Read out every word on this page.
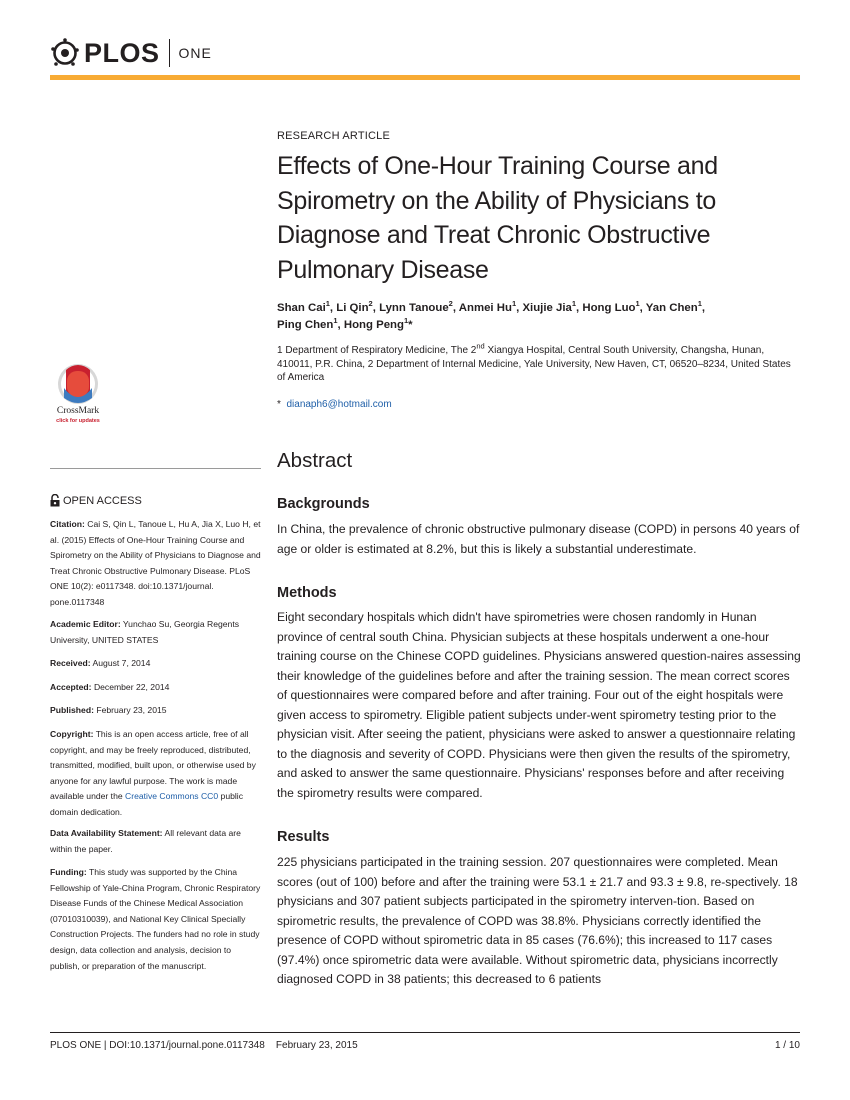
PLOS ONE
CrossMark
click for updates
OPEN ACCESS
Citation: Cai S, Qin L, Tanoue L, Hu A, Jia X, Luo H, et al. (2015) Effects of One-Hour Training Course and Spirometry on the Ability of Physicians to Diagnose and Treat Chronic Obstructive Pulmonary Disease. PLoS ONE 10(2): e0117348. doi:10.1371/journal. pone.0117348
Academic Editor: Yunchao Su, Georgia Regents University, UNITED STATES
Received: August 7, 2014
Accepted: December 22, 2014
Published: February 23, 2015
Copyright: This is an open access article, free of all copyright, and may be freely reproduced, distributed, transmitted, modified, built upon, or otherwise used by anyone for any lawful purpose. The work is made available under the Creative Commons CC0 public domain dedication.
Data Availability Statement: All relevant data are within the paper.
Funding: This study was supported by the China Fellowship of Yale-China Program, Chronic Respiratory Disease Funds of the Chinese Medical Association (07010310039), and National Key Clinical Specially Construction Projects. The funders had no role in study design, data collection and analysis, decision to publish, or preparation of the manuscript.
RESEARCH ARTICLE
Effects of One-Hour Training Course and Spirometry on the Ability of Physicians to Diagnose and Treat Chronic Obstructive Pulmonary Disease
Shan Cai$^1$, Li Qin$^2$, Lynn Tanoue$^2$, Anmei Hu$^1$, Xiujie Jia$^1$, Hong Luo$^1$, Yan Chen$^1$,
Ping Chen$^1$, Hong Peng$^1$*
1 Department of Respiratory Medicine, The 2nd Xiangya Hospital, Central South University, Changsha, Hunan, 410011, P.R. China, 2 Department of Internal Medicine, Yale University, New Haven, CT, 06520–8234, United States of America
* dianaph6@hotmail.com
Abstract
Backgrounds
In China, the prevalence of chronic obstructive pulmonary disease (COPD) in persons 40 years of age or older is estimated at 8.2%, but this is likely a substantial underestimate.
Methods
Eight secondary hospitals which didn't have spirometries were chosen randomly in Hunan province of central south China. Physician subjects at these hospitals underwent a one-hour training course on the Chinese COPD guidelines. Physicians answered question-naires assessing their knowledge of the guidelines before and after the training session. The mean correct scores of questionnaires were compared before and after training. Four out of the eight hospitals were given access to spirometry. Eligible patient subjects under-went spirometry testing prior to the physician visit. After seeing the patient, physicians were asked to answer a questionnaire relating to the diagnosis and severity of COPD. Physicians were then given the results of the spirometry, and asked to answer the same questionnaire. Physicians' responses before and after receiving the spirometry results were compared.
Results
225 physicians participated in the training session. 207 questionnaires were completed. Mean scores (out of 100) before and after the training were 53.1 ± 21.7 and 93.3 ± 9.8, re-spectively. 18 physicians and 307 patient subjects participated in the spirometry interven-tion. Based on spirometric results, the prevalence of COPD was 38.8%. Physicians correctly identified the presence of COPD without spirometric data in 85 cases (76.6%); this increased to 117 cases (97.4%) once spirometric data were available. Without spirometric data, physicians incorrectly diagnosed COPD in 38 patients; this decreased to 6 patients
PLOS ONE | DOI:10.1371/journal.pone.0117348 February 23, 2015	1 / 10
